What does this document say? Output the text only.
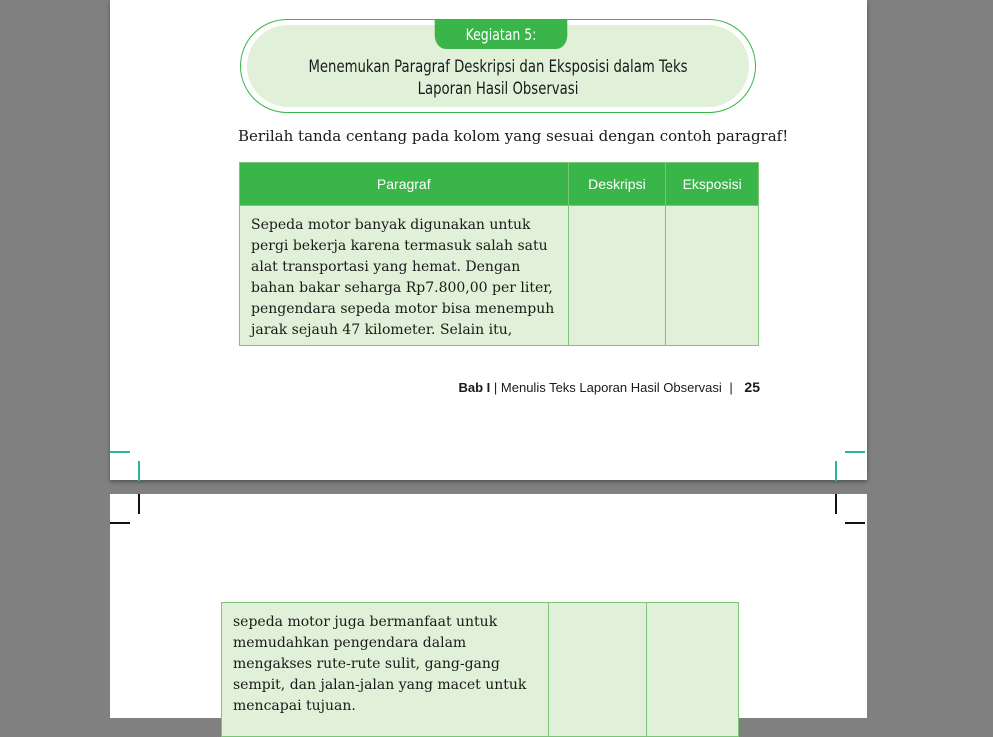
Kegiatan 5:
Menemukan Paragraf Deskripsi dan Eksposisi dalam Teks
Laporan Hasil Observasi
Berilah tanda centang pada kolom yang sesuai dengan contoh paragraf!
Paragraf	Deskripsi	Eksposisi
Sepeda motor banyak digunakan untuk pergi bekerja karena termasuk salah satu alat transportasi yang hemat. Dengan bahan bakar seharga Rp7.800,00 per liter, pengendara sepeda motor bisa menempuh jarak sejauh 47 kilometer. Selain itu,		
Bab I | Menulis Teks Laporan Hasil Observasi | 25
sepeda motor juga bermanfaat untuk memudahkan pengendara dalam mengakses rute-rute sulit, gang-gang sempit, dan jalan-jalan yang macet untuk mencapai tujuan.		
